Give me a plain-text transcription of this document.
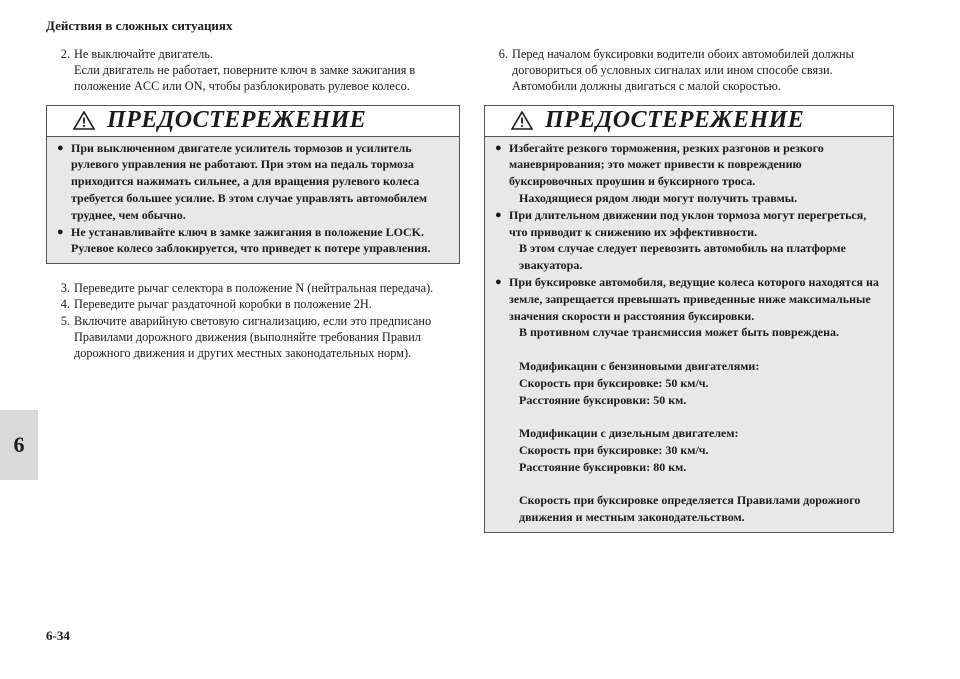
Действия в сложных ситуациях
6
6-34
2. Не выключайте двигатель.
Если двигатель не работает, поверните ключ в замке зажигания в положение ACC или ON, чтобы разблокировать рулевое колесо.
ПРЕДОСТЕРЕЖЕНИЕ
● При выключенном двигателе усилитель тормозов и усилитель рулевого управления не работают. При этом на педаль тормоза приходится нажимать сильнее, а для вращения рулевого колеса требуется большее усилие. В этом случае управлять автомобилем труднее, чем обычно.
● Не устанавливайте ключ в замке зажигания в положение LOCK. Рулевое колесо заблокируется, что приведет к потере управления.
3. Переведите рычаг селектора в положение N (нейтральная передача).
4. Переведите рычаг раздаточной коробки в положение 2H.
5. Включите аварийную световую сигнализацию, если это предписано Правилами дорожного движения (выполняйте требования Правил дорожного движения и других местных законодательных норм).
6. Перед началом буксировки водители обоих автомобилей должны договориться об условных сигналах или ином способе связи. Автомобили должны двигаться с малой скоростью.
ПРЕДОСТЕРЕЖЕНИЕ
● Избегайте резкого торможения, резких разгонов и резкого маневрирования; это может привести к повреждению буксировочных проушин и буксирного троса.
Находящиеся рядом люди могут получить травмы.
● При длительном движении под уклон тормоза могут перегреться, что приводит к снижению их эффективности.
В этом случае следует перевозить автомобиль на платформе эвакуатора.
● При буксировке автомобиля, ведущие колеса которого находятся на земле, запрещается превышать приведенные ниже максимальные значения скорости и расстояния буксировки.
В противном случае трансмиссия может быть повреждена.
Модификации с бензиновыми двигателями:
Скорость при буксировке: 50 км/ч.
Расстояние буксировки: 50 км.
Модификации с дизельным двигателем:
Скорость при буксировке: 30 км/ч.
Расстояние буксировки: 80 км.
Скорость при буксировке определяется Правилами дорожного движения и местным законодательством.
